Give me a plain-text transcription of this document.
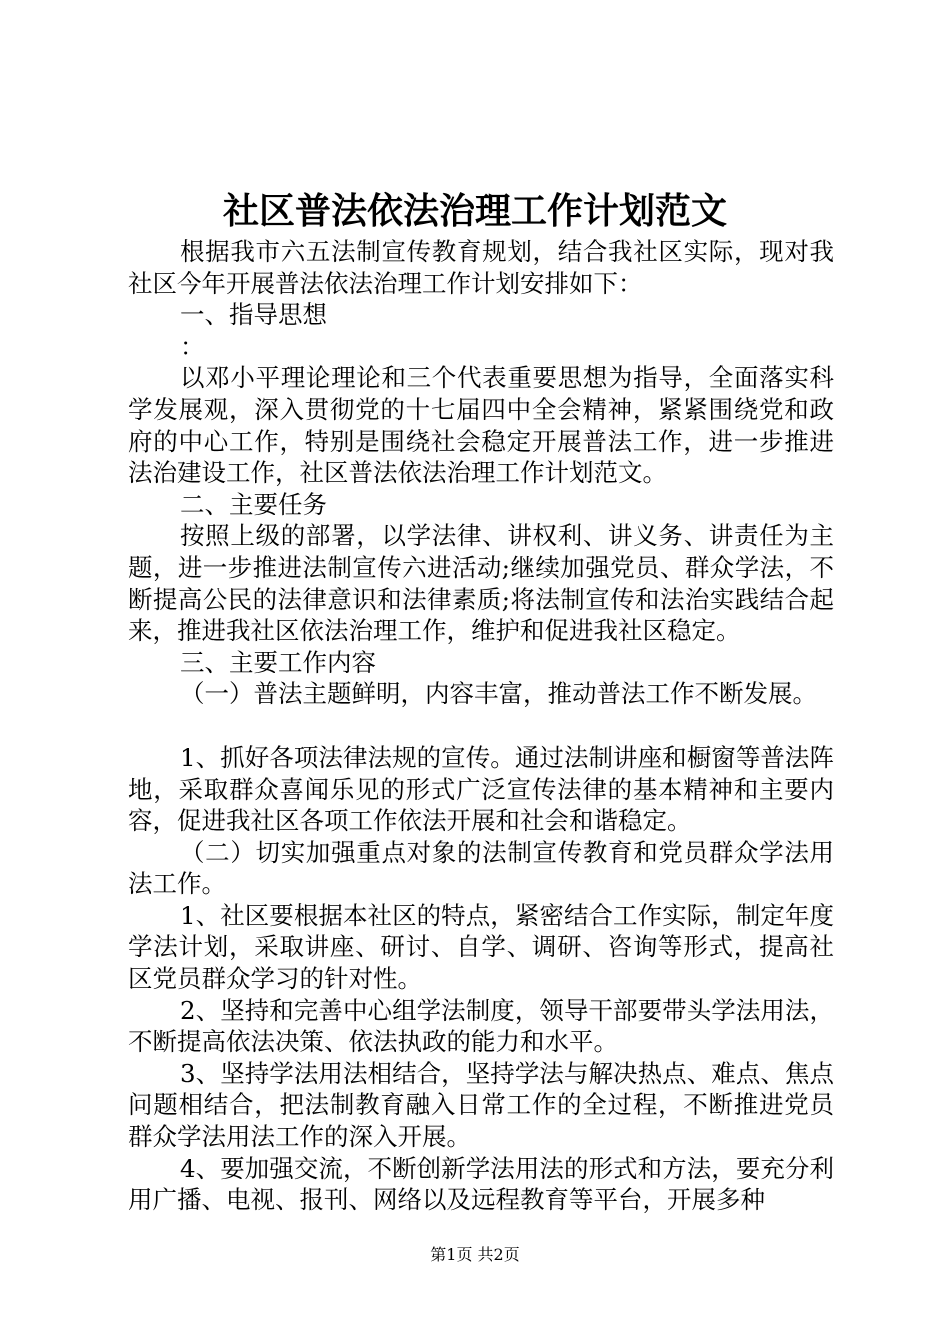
社区普法依法治理工作计划范文

根据我市六五法制宣传教育规划，结合我社区实际，现对我社区今年开展普法依法治理工作计划安排如下：

一、指导思想

：

以邓小平理论理论和三个代表重要思想为指导，全面落实科学发展观，深入贯彻党的十七届四中全会精神，紧紧围绕党和政府的中心工作，特别是围绕社会稳定开展普法工作，进一步推进法治建设工作，社区普法依法治理工作计划范文。

二、主要任务

按照上级的部署，以学法律、讲权利、讲义务、讲责任为主题，进一步推进法制宣传六进活动;继续加强党员、群众学法，不断提高公民的法律意识和法律素质;将法制宣传和法治实践结合起来，推进我社区依法治理工作，维护和促进我社区稳定。

三、主要工作内容

（一）普法主题鲜明，内容丰富，推动普法工作不断发展。

1、抓好各项法律法规的宣传。通过法制讲座和橱窗等普法阵地，采取群众喜闻乐见的形式广泛宣传法律的基本精神和主要内容，促进我社区各项工作依法开展和社会和谐稳定。

（二）切实加强重点对象的法制宣传教育和党员群众学法用法工作。

1、社区要根据本社区的特点，紧密结合工作实际，制定年度学法计划，采取讲座、研讨、自学、调研、咨询等形式，提高社区党员群众学习的针对性。

2、坚持和完善中心组学法制度，领导干部要带头学法用法，不断提高依法决策、依法执政的能力和水平。

3、坚持学法用法相结合，坚持学法与解决热点、难点、焦点问题相结合，把法制教育融入日常工作的全过程，不断推进党员群众学法用法工作的深入开展。

4、要加强交流，不断创新学法用法的形式和方法，要充分利用广播、电视、报刊、网络以及远程教育等平台，开展多种

第1页 共2页
